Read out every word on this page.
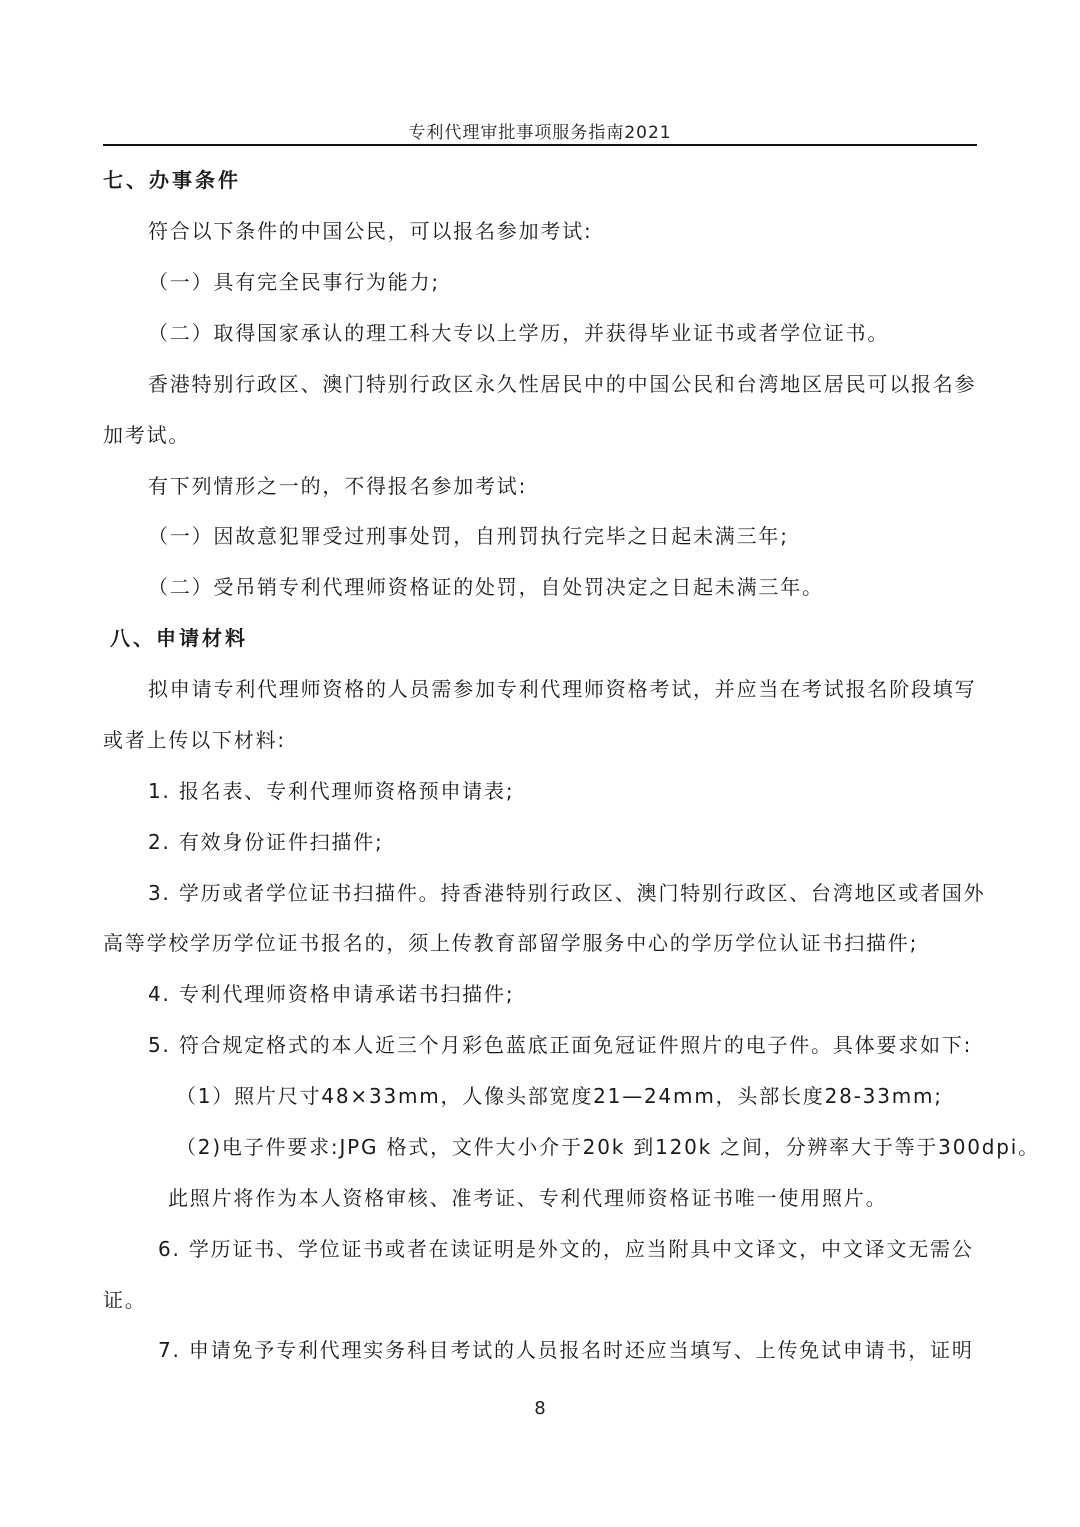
专利代理审批事项服务指南2021
七、办事条件
符合以下条件的中国公民，可以报名参加考试:
（一）具有完全民事行为能力;
（二）取得国家承认的理工科大专以上学历，并获得毕业证书或者学位证书。
香港特别行政区、澳门特别行政区永久性居民中的中国公民和台湾地区居民可以报名参
加考试。
有下列情形之一的，不得报名参加考试:
（一）因故意犯罪受过刑事处罚，自刑罚执行完毕之日起未满三年;
（二）受吊销专利代理师资格证的处罚，自处罚决定之日起未满三年。
八、申请材料
拟申请专利代理师资格的人员需参加专利代理师资格考试，并应当在考试报名阶段填写
或者上传以下材料:
1. 报名表、专利代理师资格预申请表;
2. 有效身份证件扫描件;
3. 学历或者学位证书扫描件。持香港特别行政区、澳门特别行政区、台湾地区或者国外
高等学校学历学位证书报名的，须上传教育部留学服务中心的学历学位认证书扫描件;
4. 专利代理师资格申请承诺书扫描件;
5. 符合规定格式的本人近三个月彩色蓝底正面免冠证件照片的电子件。具体要求如下:
（1）照片尺寸48×33mm，人像头部宽度21—24mm，头部长度28-33mm;
（2)电子件要求:JPG 格式，文件大小介于20k 到120k 之间，分辨率大于等于300dpi。
此照片将作为本人资格审核、准考证、专利代理师资格证书唯一使用照片。
6. 学历证书、学位证书或者在读证明是外文的，应当附具中文译文，中文译文无需公
证。
7. 申请免予专利代理实务科目考试的人员报名时还应当填写、上传免试申请书，证明
8
